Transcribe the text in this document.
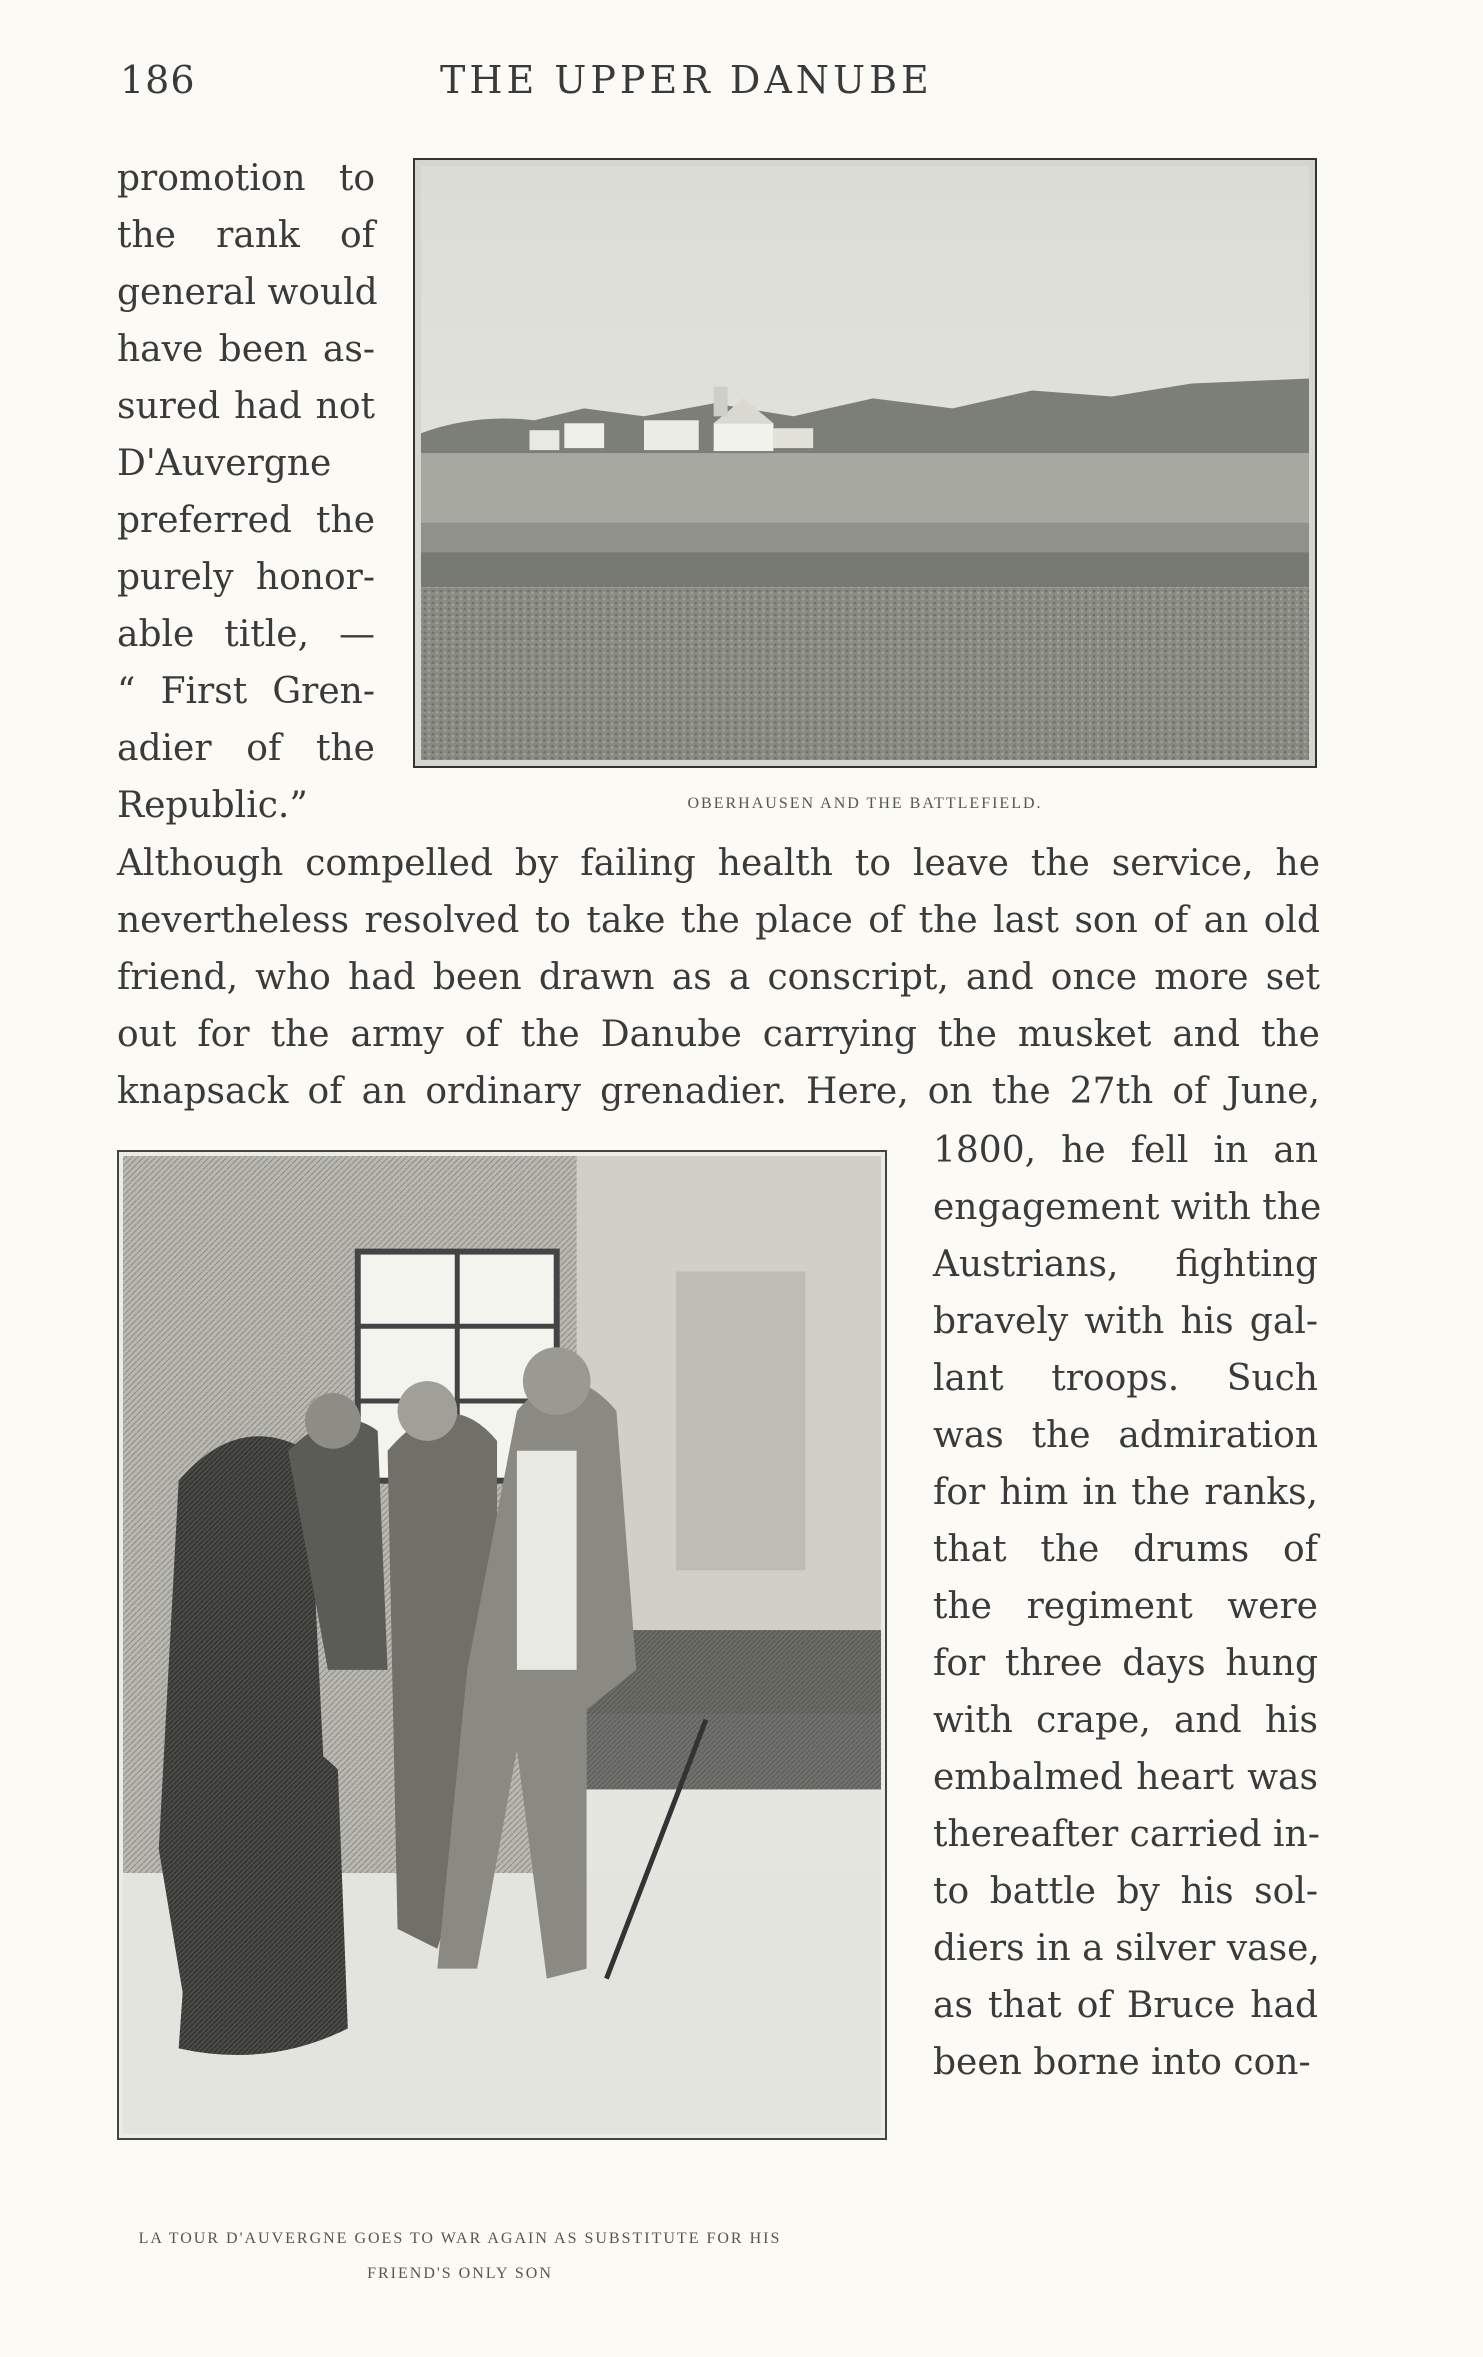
186	THE UPPER DANUBE
promotion to
the rank of
general would
have been as-
sured had not
D'Auvergne
preferred the
purely honor-
able title, —
“ First Gren-
adier of the
Republic.”	OBERHAUSEN AND THE BATTLEFIELD.
Although compelled by failing health to leave the service, he
nevertheless resolved to take the place of the last son of an old
friend, who had been drawn as a conscript, and once more set
out for the army of the Danube carrying the musket and the
knapsack of an ordinary grenadier. Here, on the 27th of June,
1800, he fell in an
engagement with the
Austrians, fighting
bravely with his gal-
lant troops. Such
was the admiration
for him in the ranks,
that the drums of
the regiment were
for three days hung
with crape, and his
embalmed heart was
thereafter carried in-
to battle by his sol-
diers in a silver vase,
as that of Bruce had
been borne into con-
LA TOUR D'AUVERGNE GOES TO WAR AGAIN AS SUBSTITUTE FOR HIS
FRIEND'S ONLY SON
